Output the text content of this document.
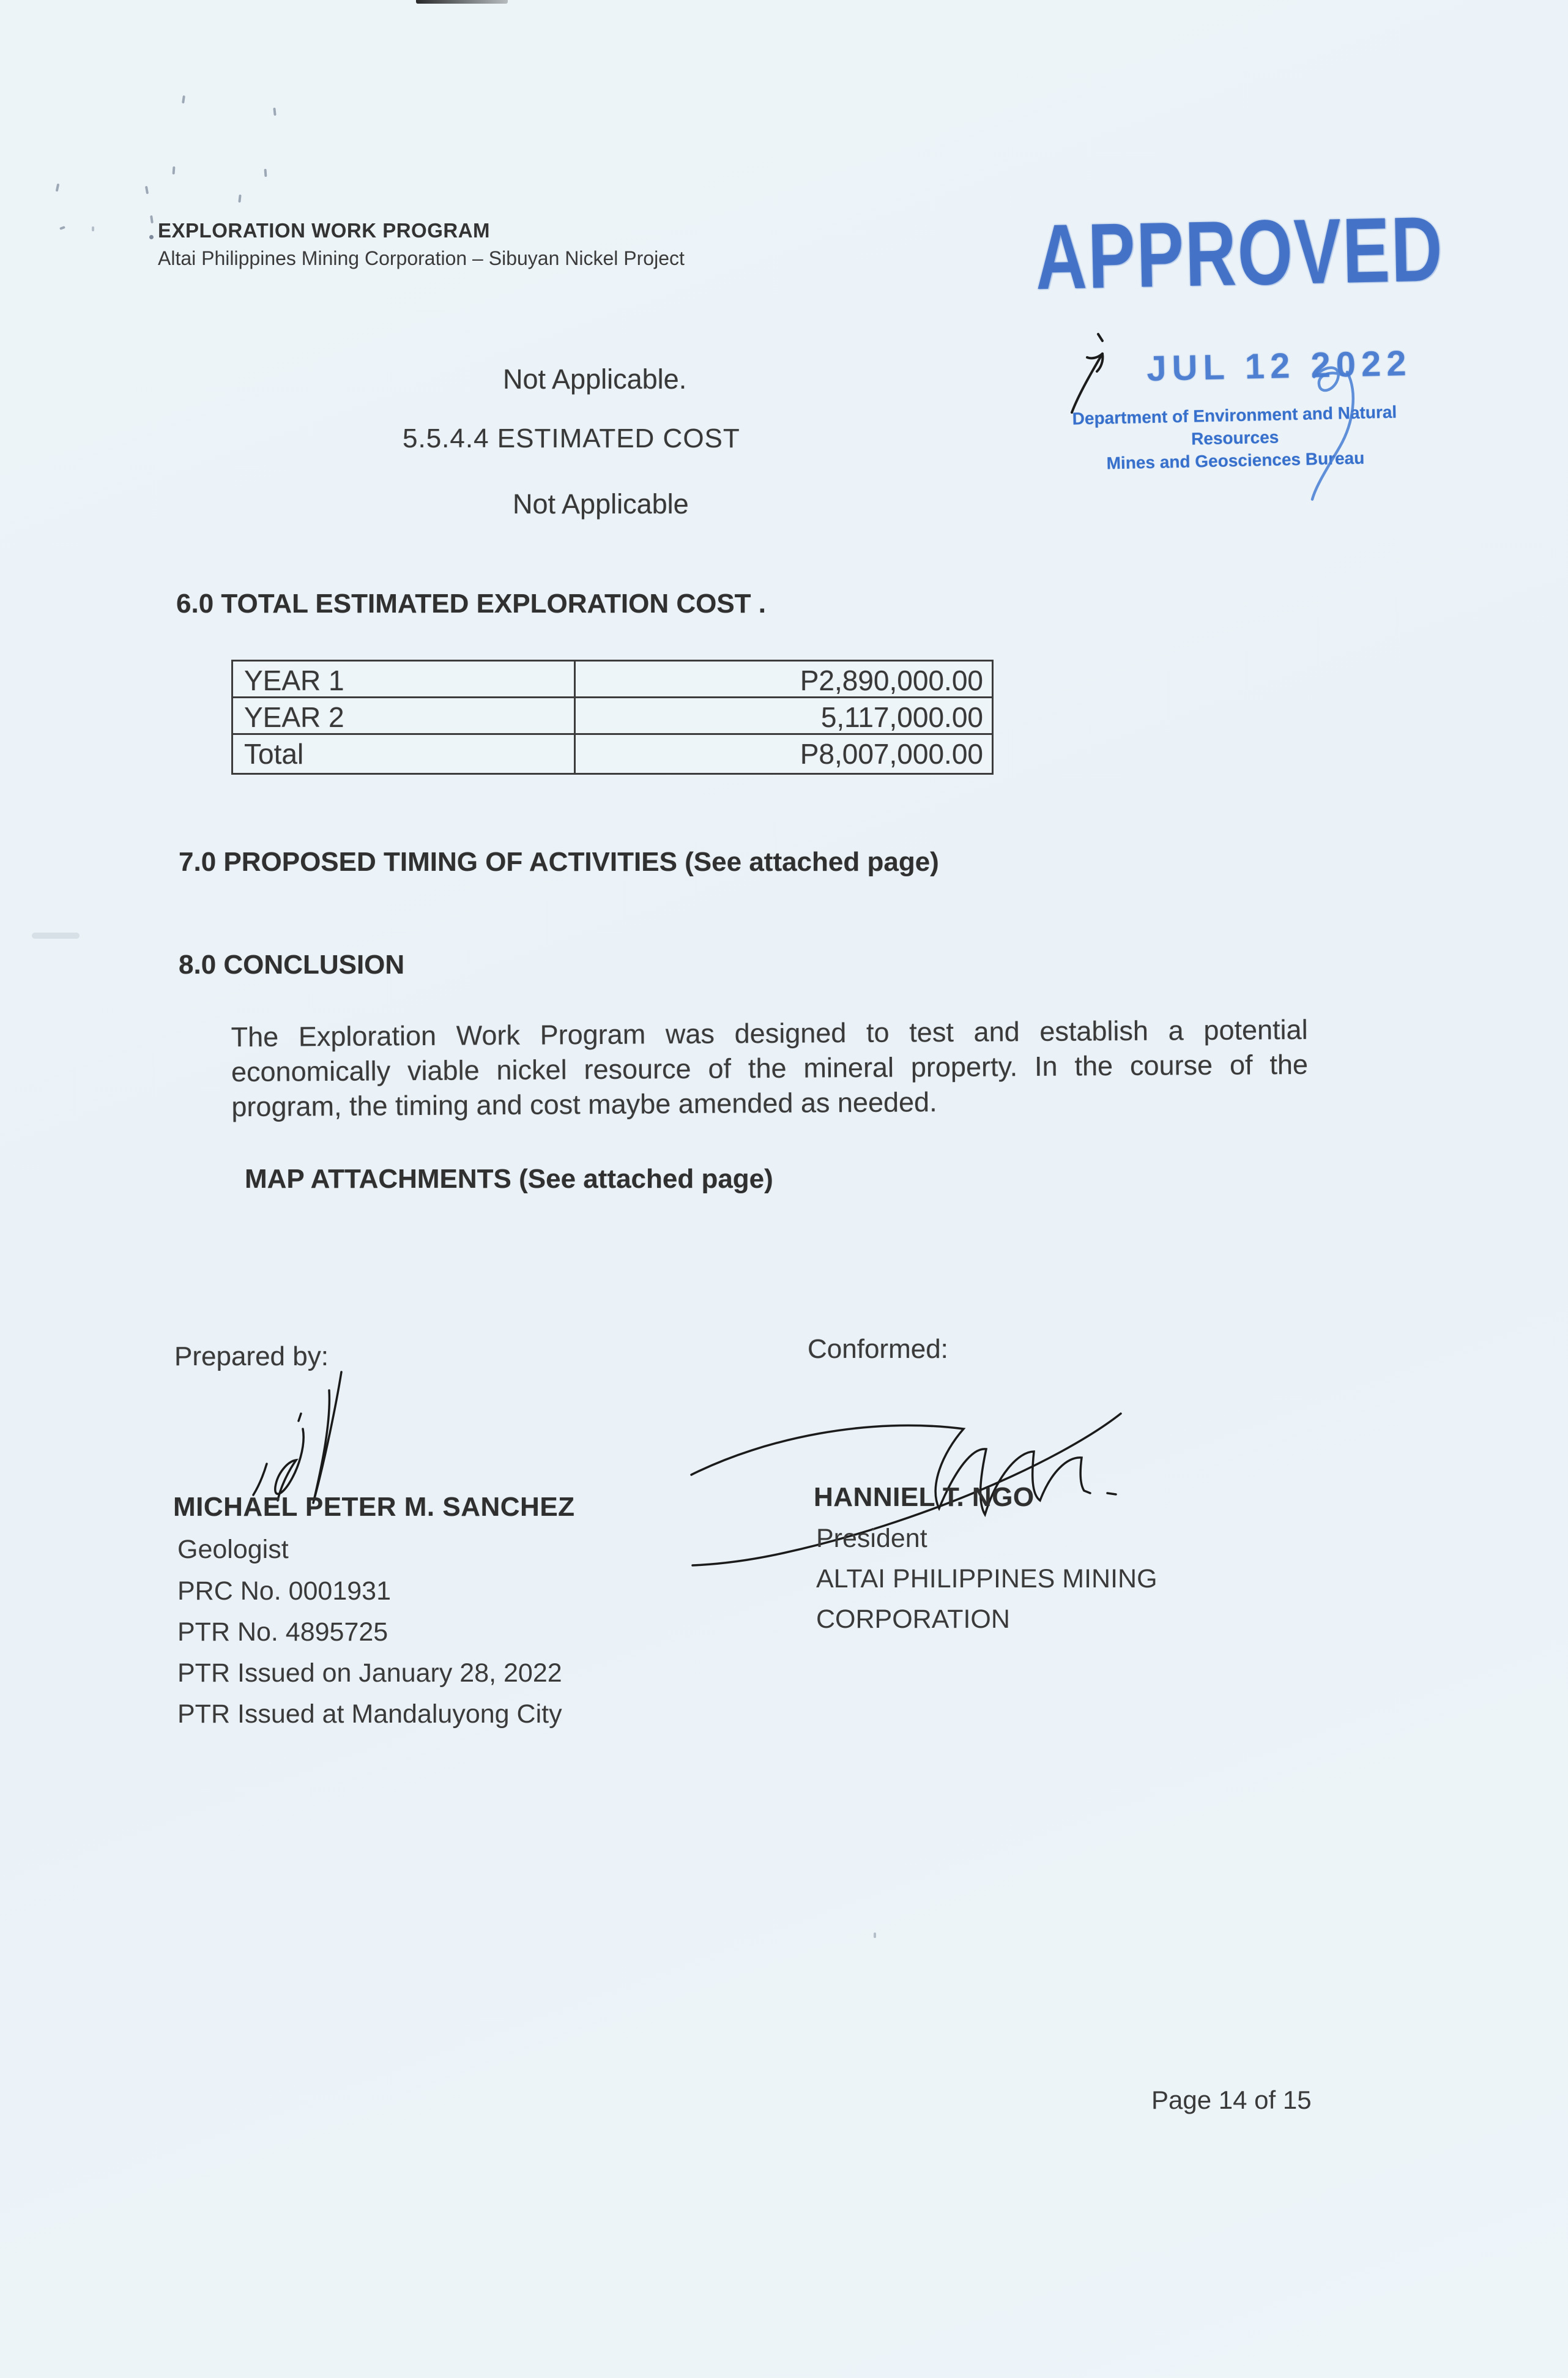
EXPLORATION WORK PROGRAM
Altai Philippines Mining Corporation – Sibuyan Nickel Project	APPROVED
JUL 12 2022
Department of Environment and Natural Resources
Mines and Geosciences Bureau
Not Applicable.
5.5.4.4 ESTIMATED COST
Not Applicable
6.0 TOTAL ESTIMATED EXPLORATION COST .
YEAR 1	P2,890,000.00
YEAR 2	5,117,000.00
Total	P8,007,000.00
7.0 PROPOSED TIMING OF ACTIVITIES (See attached page)
8.0 CONCLUSION
The Exploration Work Program was designed to test and establish a potential economically viable nickel resource of the mineral property. In the course of the program, the timing and cost maybe amended as needed.
MAP ATTACHMENTS (See attached page)
Prepared by:
MICHAEL PETER M. SANCHEZ
Geologist
PRC No. 0001931
PTR No. 4895725
PTR Issued on January 28, 2022
PTR Issued at Mandaluyong City
Conformed:
HANNIEL T. NGO
President
ALTAI PHILIPPINES MINING
CORPORATION
Page 14 of 15
